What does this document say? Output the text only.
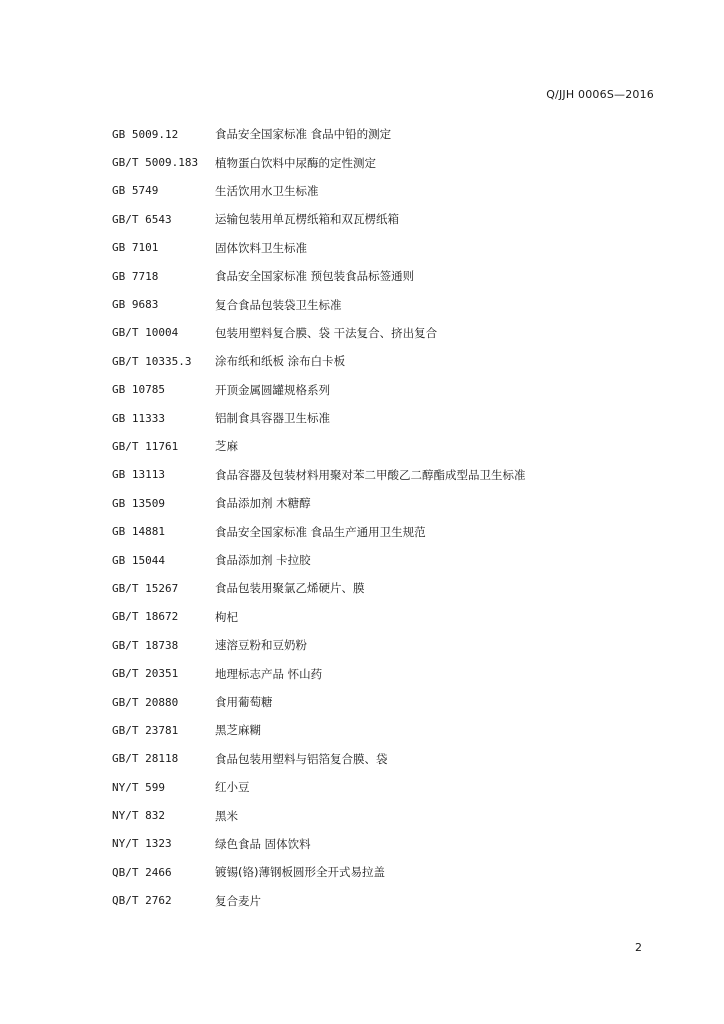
Q/JJH 0006S—2016
GB 5009.12	食品安全国家标准 食品中铅的测定
GB/T 5009.183	植物蛋白饮料中尿酶的定性测定
GB 5749	生活饮用水卫生标准
GB/T 6543	运输包装用单瓦楞纸箱和双瓦楞纸箱
GB 7101	固体饮料卫生标准
GB 7718	食品安全国家标准 预包装食品标签通则
GB 9683	复合食品包装袋卫生标准
GB/T 10004	包装用塑料复合膜、袋 干法复合、挤出复合
GB/T 10335.3	涂布纸和纸板 涂布白卡板
GB 10785	开顶金属圆罐规格系列
GB 11333	铝制食具容器卫生标准
GB/T 11761	芝麻
GB 13113	食品容器及包装材料用聚对苯二甲酸乙二醇酯成型品卫生标准
GB 13509	食品添加剂 木糖醇
GB 14881	食品安全国家标准 食品生产通用卫生规范
GB 15044	食品添加剂 卡拉胶
GB/T 15267	食品包装用聚氯乙烯硬片、膜
GB/T 18672	枸杞
GB/T 18738	速溶豆粉和豆奶粉
GB/T 20351	地理标志产品 怀山药
GB/T 20880	食用葡萄糖
GB/T 23781	黑芝麻糊
GB/T 28118	食品包装用塑料与铝箔复合膜、袋
NY/T 599	红小豆
NY/T 832	黑米
NY/T 1323	绿色食品 固体饮料
QB/T 2466	镀锡(铬)薄钢板圆形全开式易拉盖
QB/T 2762	复合麦片
2
